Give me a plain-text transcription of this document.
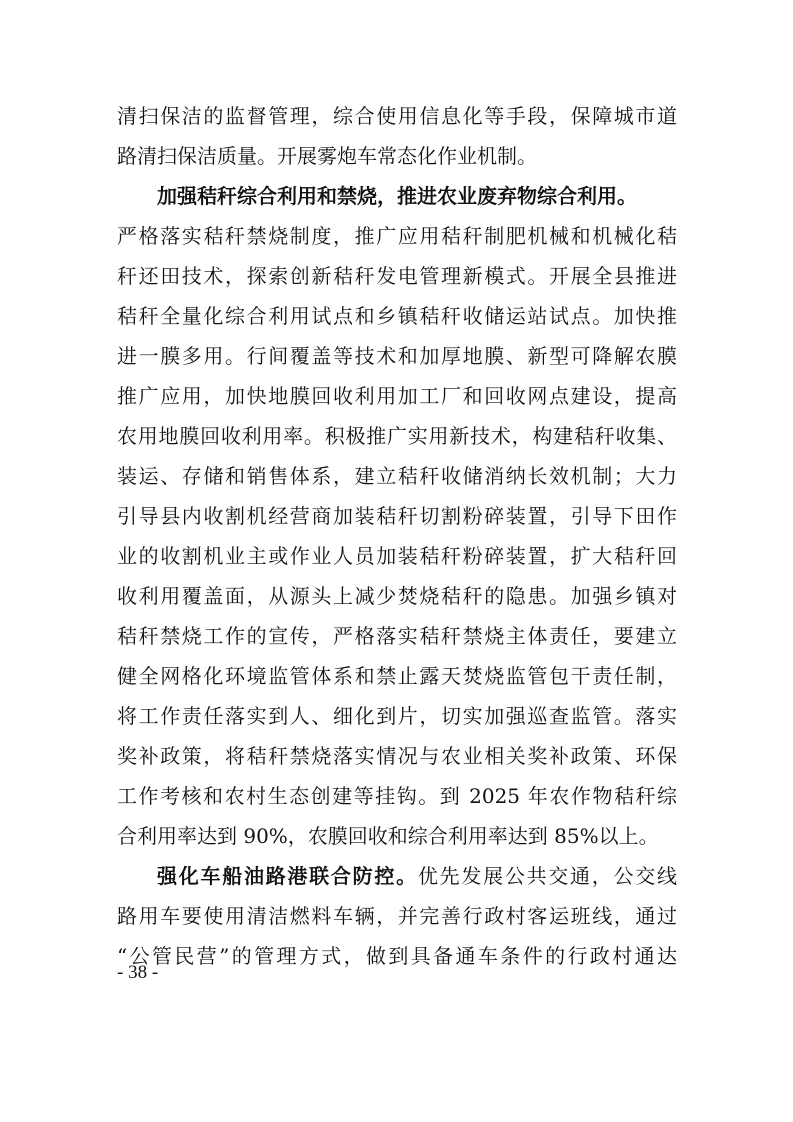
清扫保洁的监督管理，综合使用信息化等手段，保障城市道
路清扫保洁质量。开展雾炮车常态化作业机制。
加强秸秆综合利用和禁烧，推进农业废弃物综合利用。
严格落实秸秆禁烧制度，推广应用秸秆制肥机械和机械化秸
秆还田技术，探索创新秸秆发电管理新模式。开展全县推进
秸秆全量化综合利用试点和乡镇秸秆收储运站试点。加快推
进一膜多用。行间覆盖等技术和加厚地膜、新型可降解农膜
推广应用，加快地膜回收利用加工厂和回收网点建设，提高
农用地膜回收利用率。积极推广实用新技术，构建秸秆收集、
装运、存储和销售体系，建立秸秆收储消纳长效机制；大力
引导县内收割机经营商加装秸秆切割粉碎装置，引导下田作
业的收割机业主或作业人员加装秸秆粉碎装置，扩大秸秆回
收利用覆盖面，从源头上减少焚烧秸秆的隐患。加强乡镇对
秸秆禁烧工作的宣传，严格落实秸秆禁烧主体责任，要建立
健全网格化环境监管体系和禁止露天焚烧监管包干责任制，
将工作责任落实到人、细化到片，切实加强巡查监管。落实
奖补政策，将秸秆禁烧落实情况与农业相关奖补政策、环保
工作考核和农村生态创建等挂钩。到 2025 年农作物秸秆综
合利用率达到 90%，农膜回收和综合利用率达到 85%以上。
强化车船油路港联合防控。优先发展公共交通，公交线
路用车要使用清洁燃料车辆，并完善行政村客运班线，通过
“公管民营”的管理方式，做到具备通车条件的行政村通达
- 38 -
